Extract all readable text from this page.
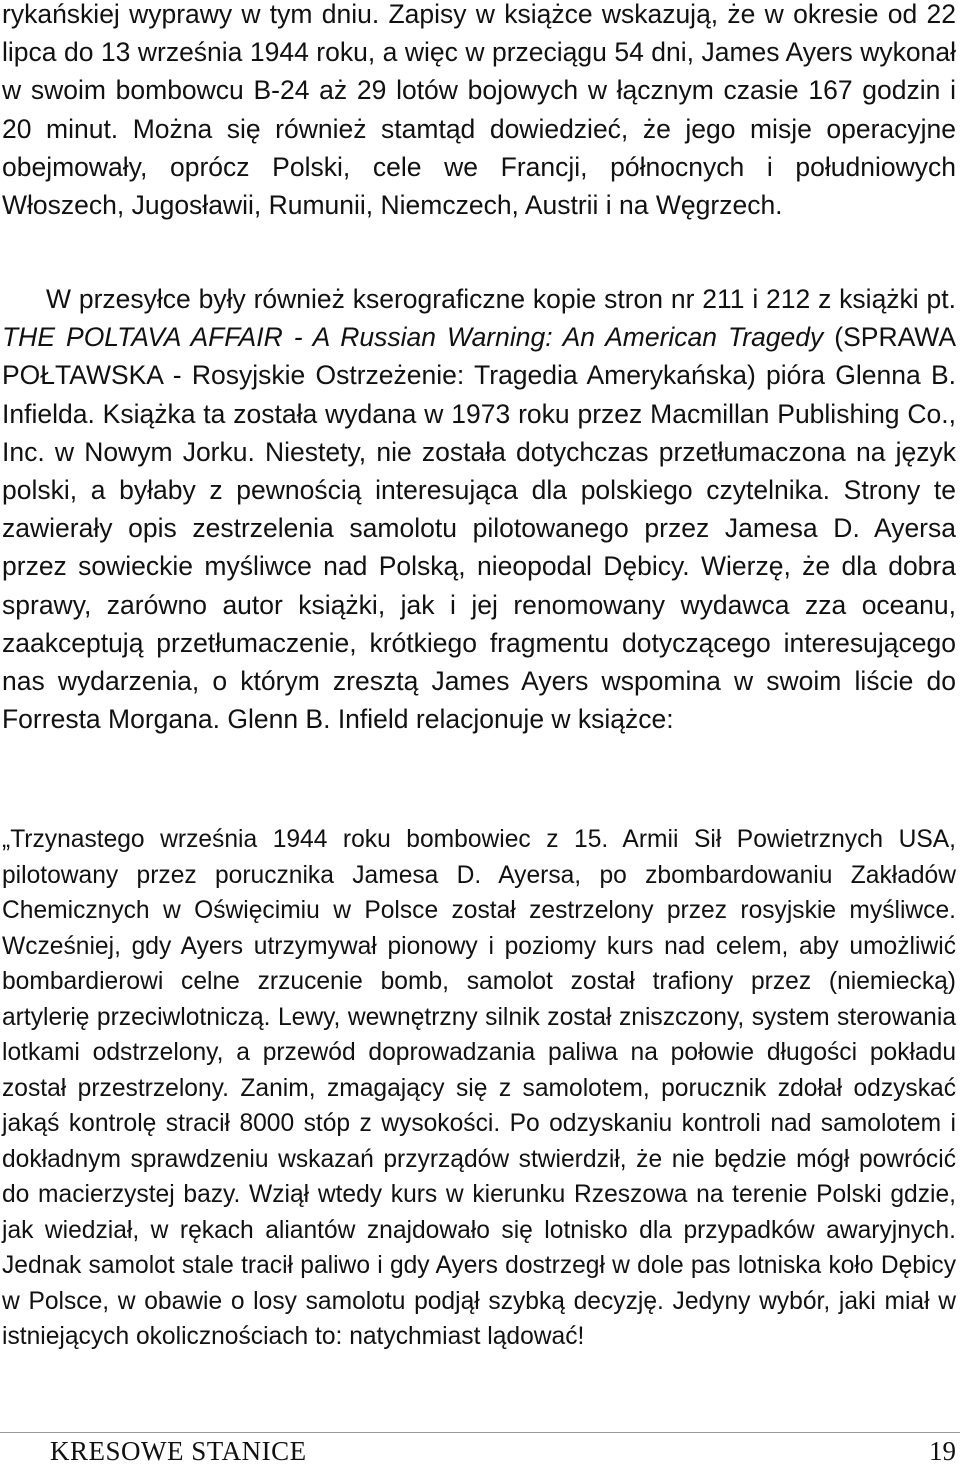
rykańskiej wyprawy w tym dniu. Zapisy w książce wskazują, że w okresie od 22 lipca do 13 września 1944 roku, a więc w przeciągu 54 dni, James Ayers wykonał w swoim bombowcu B-24 aż 29 lotów bojowych w łącznym czasie 167 godzin i 20 minut. Można się również stamtąd dowiedzieć, że jego misje operacyjne obejmowały, oprócz Polski, cele we Francji, północnych i południowych Włoszech, Jugosławii, Rumunii, Niemczech, Austrii i na Węgrzech.

W przesyłce były również kserograficzne kopie stron nr 211 i 212 z książki pt. THE POLTAVA AFFAIR - A Russian Warning: An American Tragedy (SPRAWA POŁTAWSKA - Rosyjskie Ostrzeżenie: Tragedia Amerykańska) pióra Glenna B. Infielda. Książka ta została wydana w 1973 roku przez Macmillan Publishing Co., Inc. w Nowym Jorku. Niestety, nie została dotychczas przetłumaczona na język polski, a byłaby z pewnością interesująca dla polskiego czytelnika. Strony te zawierały opis zestrzelenia samolotu pilotowanego przez Jamesa D. Ayersa przez sowieckie myśliwce nad Polską, nieopodal Dębicy. Wierzę, że dla dobra sprawy, zarówno autor książki, jak i jej renomowany wydawca zza oceanu, zaakceptują przetłumaczenie, krótkiego fragmentu dotyczącego interesującego nas wydarzenia, o którym zresztą James Ayers wspomina w swoim liście do Forresta Morgana. Glenn B. Infield relacjonuje w książce:

„Trzynastego września 1944 roku bombowiec z 15. Armii Sił Powietrznych USA, pilotowany przez porucznika Jamesa D. Ayersa, po zbombardowaniu Zakładów Chemicznych w Oświęcimiu w Polsce został zestrzelony przez rosyjskie myśliwce. Wcześniej, gdy Ayers utrzymywał pionowy i poziomy kurs nad celem, aby umożliwić bombardierowi celne zrzucenie bomb, samolot został trafiony przez (niemiecką) artylerię przeciwlotniczą. Lewy, wewnętrzny silnik został zniszczony, system sterowania lotkami odstrzelony, a przewód doprowadzania paliwa na połowie długości pokładu został przestrzelony. Zanim, zmagający się z samolotem, porucznik zdołał odzyskać jakąś kontrolę stracił 8000 stóp z wysokości. Po odzyskaniu kontroli nad samolotem i dokładnym sprawdzeniu wskazań przyrządów stwierdził, że nie będzie mógł powrócić do macierzystej bazy. Wziął wtedy kurs w kierunku Rzeszowa na terenie Polski gdzie, jak wiedział, w rękach aliantów znajdowało się lotnisko dla przypadków awaryjnych. Jednak samolot stale tracił paliwo i gdy Ayers dostrzegł w dole pas lotniska koło Dębicy w Polsce, w obawie o losy samolotu podjął szybką decyzję. Jedyny wybór, jaki miał w istniejących okolicznościach to: natychmiast lądować!

KRESOWE STANICE	19
